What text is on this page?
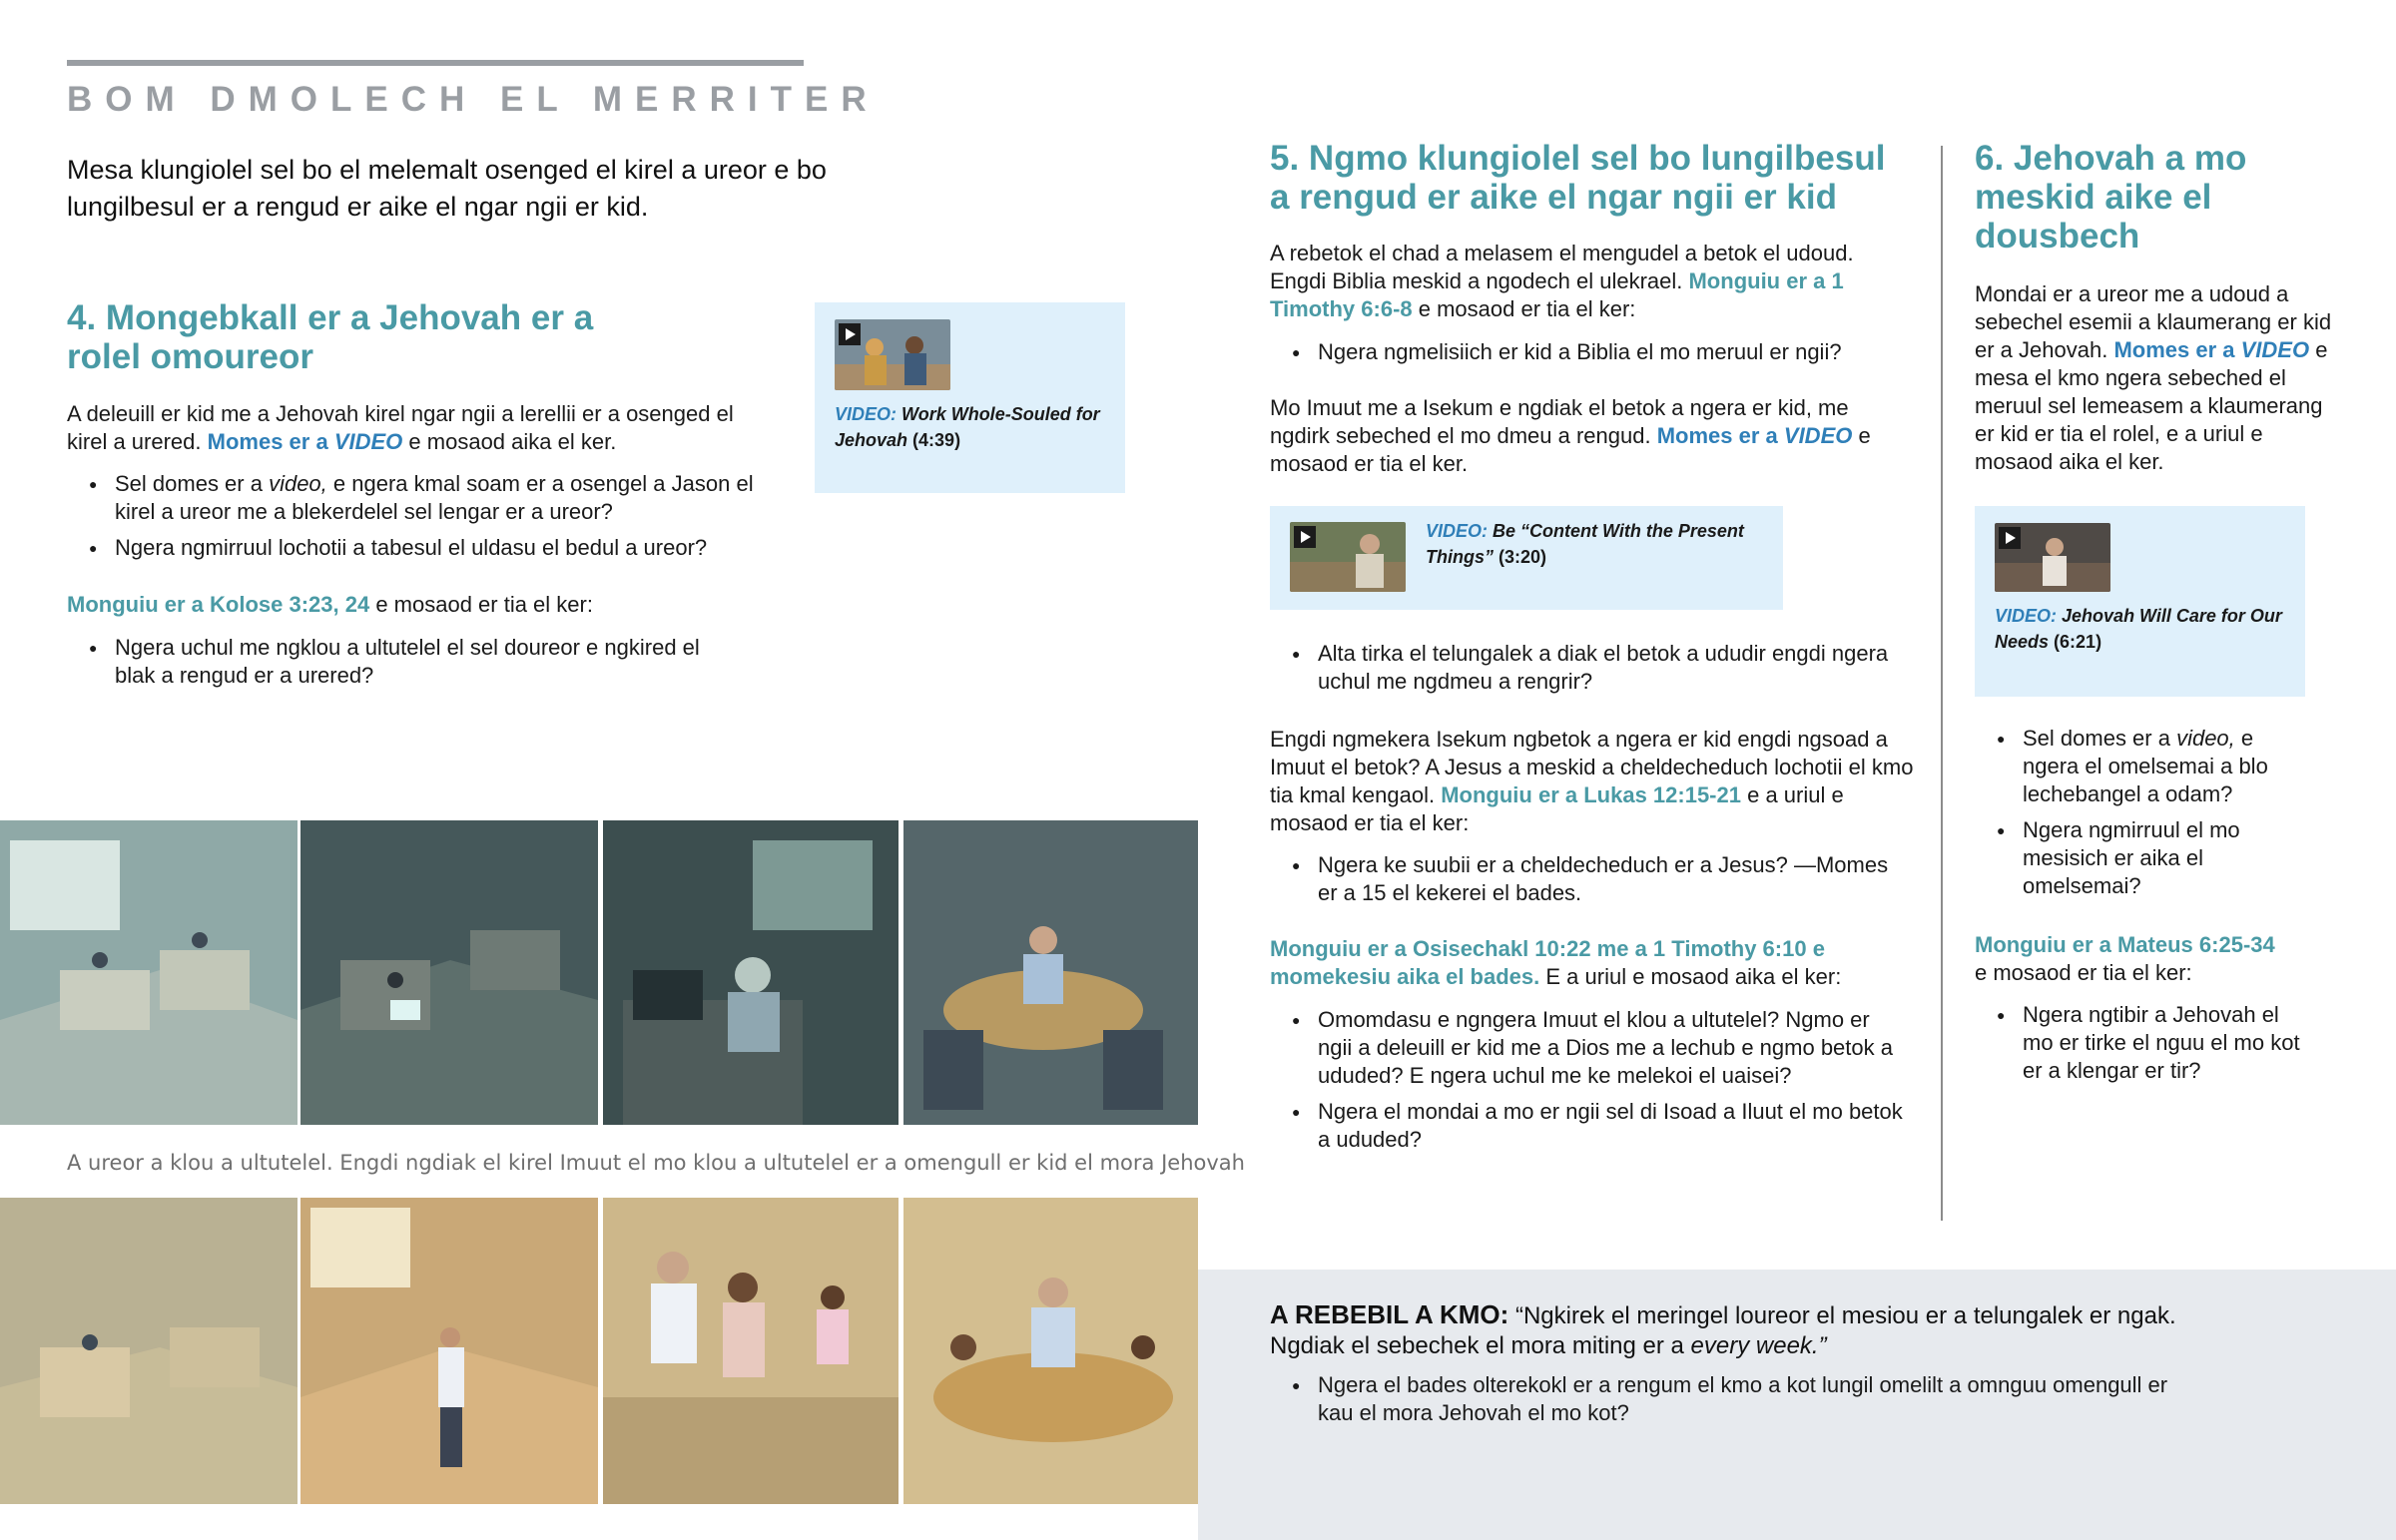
BOM DMOLECH EL MERRITER
Mesa klungiolel sel bo el melemalt osenged el kirel a ureor e bo lungilbesul er a rengud er aike el ngar ngii er kid.
4. Mongebkall er a Jehovah er a rolel omoureor
A deleuill er kid me a Jehovah kirel ngar ngii a lerellii er a osenged el kirel a urered. Momes er a VIDEO e mosaod aika el ker.
● Sel domes er a video, e ngera kmal soam er a osengel a Jason el kirel a ureor me a blekerdelel sel lengar er a ureor?
● Ngera ngmirruul lochotii a tabesul el uldasu el bedul a ureor?
Monguiu er a Kolose 3:23, 24 e mosaod er tia el ker:
● Ngera uchul me ngklou a ultutelel el sel doureor e ngkired el blak a rengud er a urered?
VIDEO: Work Whole-Souled for Jehovah (4:39)
A ureor a klou a ultutelel. Engdi ngdiak el kirel Imuut el mo klou a ultutelel er a omengull er kid el mora Jehovah
5. Ngmo klungiolel sel bo lungilbesul a rengud er aike el ngar ngii er kid
A rebetok el chad a melasem el mengudel a betok el udoud. Engdi Biblia meskid a ngodech el ulekrael. Monguiu er a 1 Timothy 6:6-8 e mosaod er tia el ker:
● Ngera ngmelisiich er kid a Biblia el mo meruul er ngii?
Mo Imuut me a Isekum e ngdiak el betok a ngera er kid, me ngdirk sebeched el mo dmeu a rengud. Momes er a VIDEO e mosaod er tia el ker.
VIDEO: Be “Content With the Present Things” (3:20)
● Alta tirka el telungalek a diak el betok a ududir engdi ngera uchul me ngdmeu a rengrir?
Engdi ngmekera Isekum ngbetok a ngera er kid engdi ngsoad a Imuut el betok? A Jesus a meskid a cheldecheduch lochotii el kmo tia kmal kengaol. Monguiu er a Lukas 12:15-21 e a uriul e mosaod er tia el ker:
● Ngera ke suubii er a cheldecheduch er a Jesus? —Momes er a 15 el kekerei el bades.
Monguiu er a Osisechakl 10:22 me a 1 Timothy 6:10 e momekesiu aika el bades. E a uriul e mosaod aika el ker:
● Omomdasu e ngngera Imuut el klou a ultutelel? Ngmo er ngii a deleuill er kid me a Dios me a lechub e ngmo betok a ududed? E ngera uchul me ke melekoi el uaisei?
● Ngera el mondai a mo er ngii sel di Isoad a Iluut el mo betok a ududed?
6. Jehovah a mo meskid aike el dousbech
Mondai er a ureor me a udoud a sebechel esemii a klaumerang er kid er a Jehovah. Momes er a VIDEO e mesa el kmo ngera sebeched el meruul sel lemeasem a klaumerang er kid er tia el rolel, e a uriul e mosaod aika el ker.
VIDEO: Jehovah Will Care for Our Needs (6:21)
● Sel domes er a video, e ngera el omelsemai a blo lechebangel a odam?
● Ngera ngmirruul el mo mesisich er aika el omelsemai?
Monguiu er a Mateus 6:25-34
e mosaod er tia el ker:
● Ngera ngtibir a Jehovah el mo er tirke el nguu el mo kot er a klengar er tir?
A REBEBIL A KMO: “Ngkirek el meringel loureor el mesiou er a telungalek er ngak. Ngdiak el sebechek el mora miting er a every week.”
● Ngera el bades olterekokl er a rengum el kmo a kot lungil omelilt a omnguu omengull er kau el mora Jehovah el mo kot?
